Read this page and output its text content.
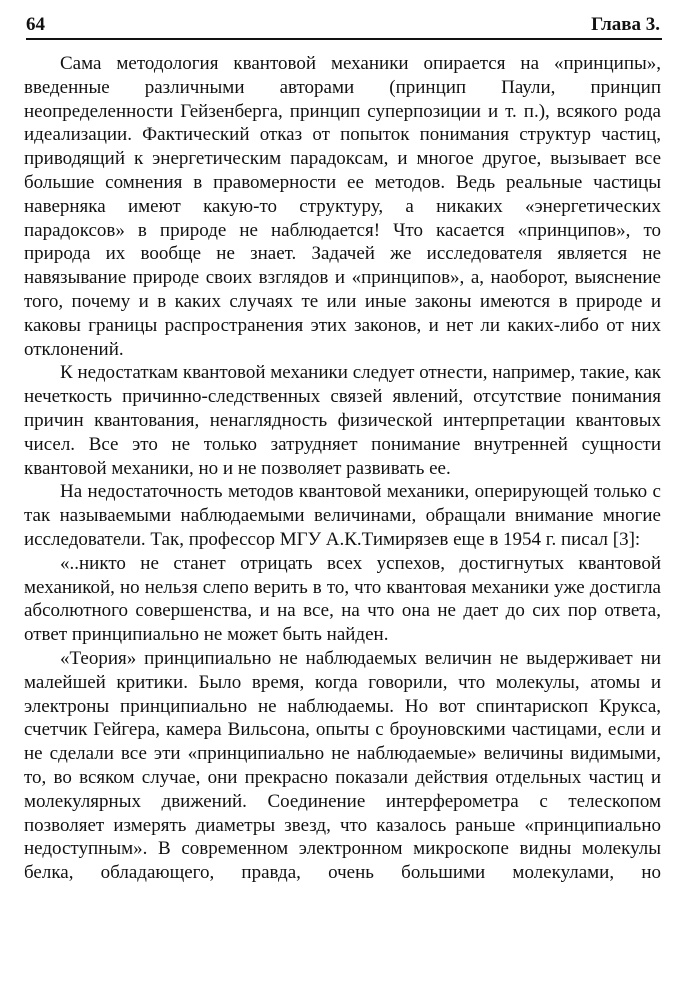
64	Глава 3.

Сама методология квантовой механики опирается на «принципы», введенные различными авторами (принцип Паули, принцип неопределенности Гейзенберга, принцип суперпозиции и т. п.), всякого рода идеализации. Фактический отказ от попыток понимания структур частиц, приводящий к энергетическим парадоксам, и многое другое, вызывает все большие сомнения в правомерности ее методов. Ведь реальные частицы наверняка имеют какую-то структуру, а никаких «энергетических парадоксов» в природе не наблюдается! Что касается «принципов», то природа их вообще не знает. Задачей же исследователя является не навязывание природе своих взглядов и «принципов», а, наоборот, выяснение того, почему и в каких случаях те или иные законы имеются в природе и каковы границы распространения этих законов, и нет ли каких-либо от них отклонений.

К недостаткам квантовой механики следует отнести, например, такие, как нечеткость причинно-следственных связей явлений, отсутствие понимания причин квантования, ненаглядность физической интерпретации квантовых чисел. Все это не только затрудняет понимание внутренней сущности квантовой механики, но и не позволяет развивать ее.

На недостаточность методов квантовой механики, оперирующей только с так называемыми наблюдаемыми величинами, обращали внимание многие исследователи. Так, профессор МГУ А.К.Тимирязев еще в 1954 г. писал [3]:

«..никто не станет отрицать всех успехов, достигнутых квантовой механикой, но нельзя слепо верить в то, что квантовая механики уже достигла абсолютного совершенства, и на все, на что она не дает до сих пор ответа, ответ принципиально не может быть найден.

«Теория» принципиально не наблюдаемых величин не выдерживает ни малейшей критики. Было время, когда говорили, что молекулы, атомы и электроны принципиально не наблюдаемы. Но вот спинтарископ Крукса, счетчик Гейгера, камера Вильсона, опыты с броуновскими частицами, если и не сделали все эти «принципиально не наблюдаемые» величины видимыми, то, во всяком случае, они прекрасно показали действия отдельных частиц и молекулярных движений. Соединение интерферометра с телескопом позволяет измерять диаметры звезд, что казалось раньше «принципиально недоступным». В современном электронном микроскопе видны молекулы белка, обладающего, правда, очень большими молекулами, но
